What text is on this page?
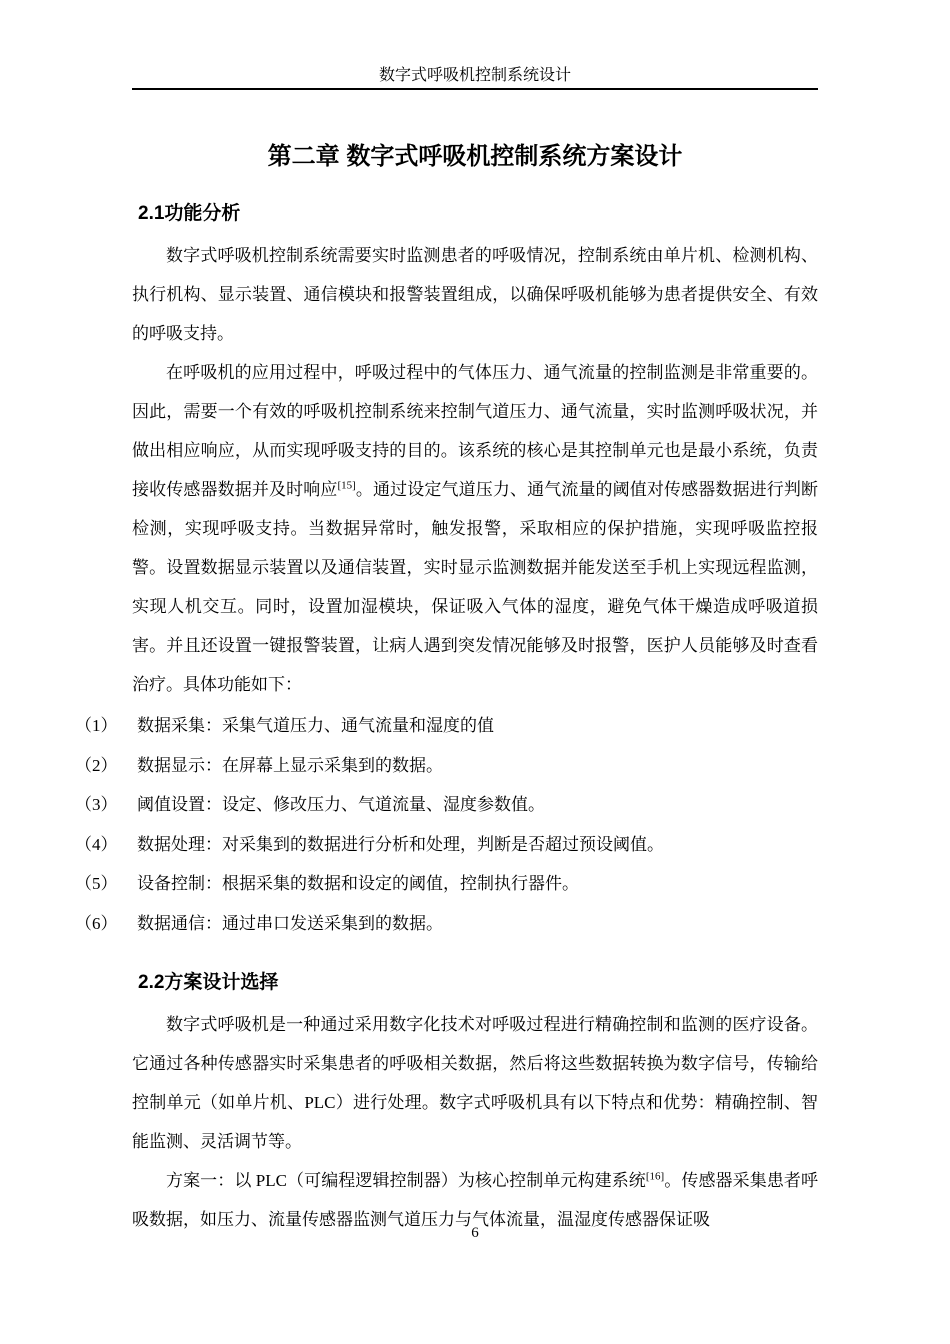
数字式呼吸机控制系统设计
第二章 数字式呼吸机控制系统方案设计
2.1功能分析

数字式呼吸机控制系统需要实时监测患者的呼吸情况，控制系统由单片机、检测机构、执行机构、显示装置、通信模块和报警装置组成，以确保呼吸机能够为患者提供安全、有效的呼吸支持。

在呼吸机的应用过程中，呼吸过程中的气体压力、通气流量的控制监测是非常重要的。因此，需要一个有效的呼吸机控制系统来控制气道压力、通气流量，实时监测呼吸状况，并做出相应响应，从而实现呼吸支持的目的。该系统的核心是其控制单元也是最小系统，负责接收传感器数据并及时响应[15]。通过设定气道压力、通气流量的阈值对传感器数据进行判断检测，实现呼吸支持。当数据异常时，触发报警，采取相应的保护措施，实现呼吸监控报警。设置数据显示装置以及通信装置，实时显示监测数据并能发送至手机上实现远程监测，实现人机交互。同时，设置加湿模块，保证吸入气体的湿度，避免气体干燥造成呼吸道损害。并且还设置一键报警装置，让病人遇到突发情况能够及时报警，医护人员能够及时查看治疗。具体功能如下：

（1）	数据采集：采集气道压力、通气流量和湿度的值
（2）	数据显示：在屏幕上显示采集到的数据。
（3）	阈值设置：设定、修改压力、气道流量、湿度参数值。
（4）	数据处理：对采集到的数据进行分析和处理，判断是否超过预设阈值。
（5）	设备控制：根据采集的数据和设定的阈值，控制执行器件。
（6）	数据通信：通过串口发送采集到的数据。
2.2方案设计选择

数字式呼吸机是一种通过采用数字化技术对呼吸过程进行精确控制和监测的医疗设备。它通过各种传感器实时采集患者的呼吸相关数据，然后将这些数据转换为数字信号，传输给控制单元（如单片机、PLC）进行处理。数字式呼吸机具有以下特点和优势：精确控制、智能监测、灵活调节等。

方案一：以 PLC（可编程逻辑控制器）为核心控制单元构建系统[16]。传感器采集患者呼吸数据，如压力、流量传感器监测气道压力与气体流量，温湿度传感器保证吸

6
